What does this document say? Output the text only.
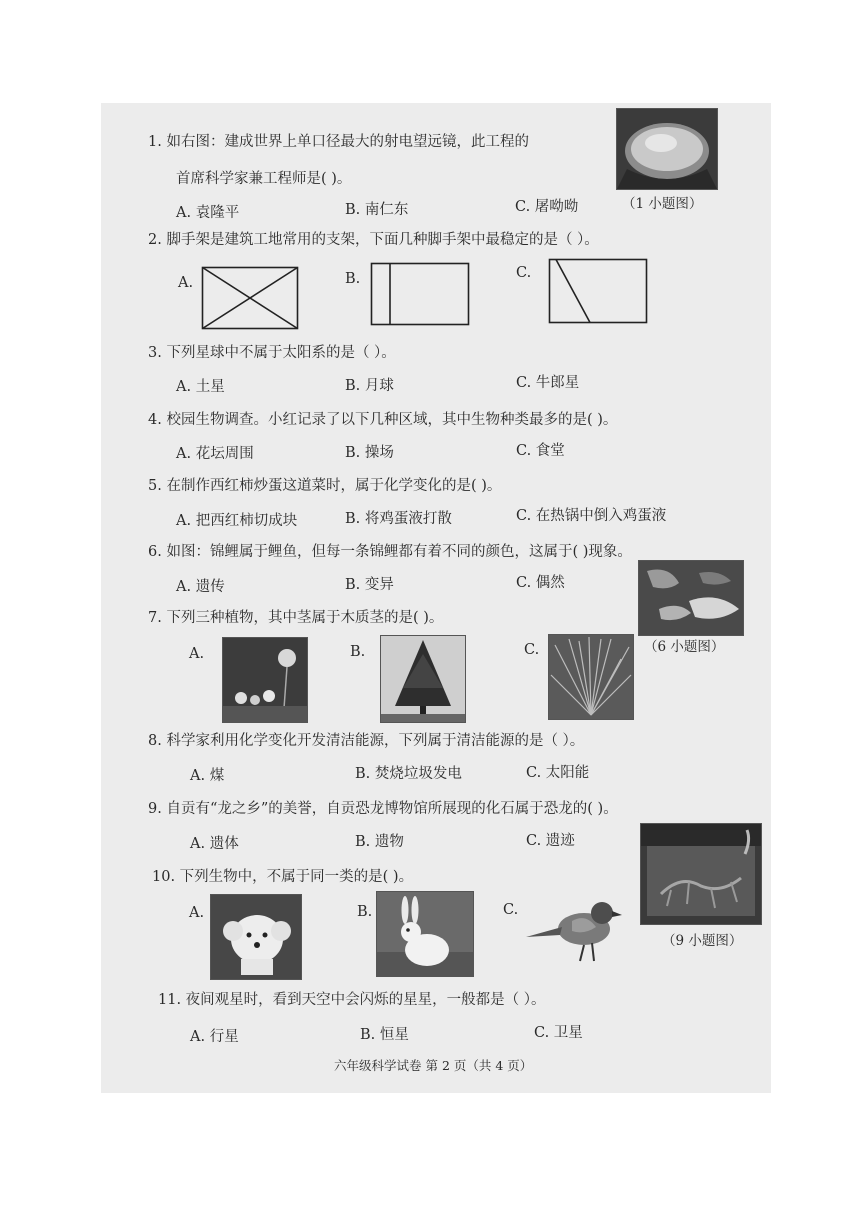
1. 如右图：建成世界上单口径最大的射电望远镜，此工程的
首席科学家兼工程师是( )。
A. 袁隆平	B. 南仁东	C. 屠呦呦	（1 小题图）
2. 脚手架是建筑工地常用的支架，下面几种脚手架中最稳定的是（ ）。
A.	B.	C.
3. 下列星球中不属于太阳系的是（ ）。
A. 土星	B. 月球	C. 牛郎星
4. 校园生物调查。小红记录了以下几种区域，其中生物种类最多的是( )。
A. 花坛周围	B. 操场	C. 食堂
5. 在制作西红柿炒蛋这道菜时，属于化学变化的是( )。
A. 把西红柿切成块	B. 将鸡蛋液打散	C. 在热锅中倒入鸡蛋液
6. 如图：锦鲤属于鲤鱼，但每一条锦鲤都有着不同的颜色，这属于( )现象。
A. 遗传	B. 变异	C. 偶然
（6 小题图）
7. 下列三种植物，其中茎属于木质茎的是( )。
A.	B.	C.
8. 科学家利用化学变化开发清洁能源，下列属于清洁能源的是（ ）。
A. 煤	B. 焚烧垃圾发电	C. 太阳能
9. 自贡有“龙之乡”的美誉，自贡恐龙博物馆所展现的化石属于恐龙的( )。
A. 遗体	B. 遗物	C. 遗迹
（9 小题图）
10. 下列生物中，不属于同一类的是( )。
A.	B.	C.
11. 夜间观星时，看到天空中会闪烁的星星，一般都是（ ）。
A. 行星	B. 恒星	C. 卫星
六年级科学试卷 第 2 页（共 4 页）
